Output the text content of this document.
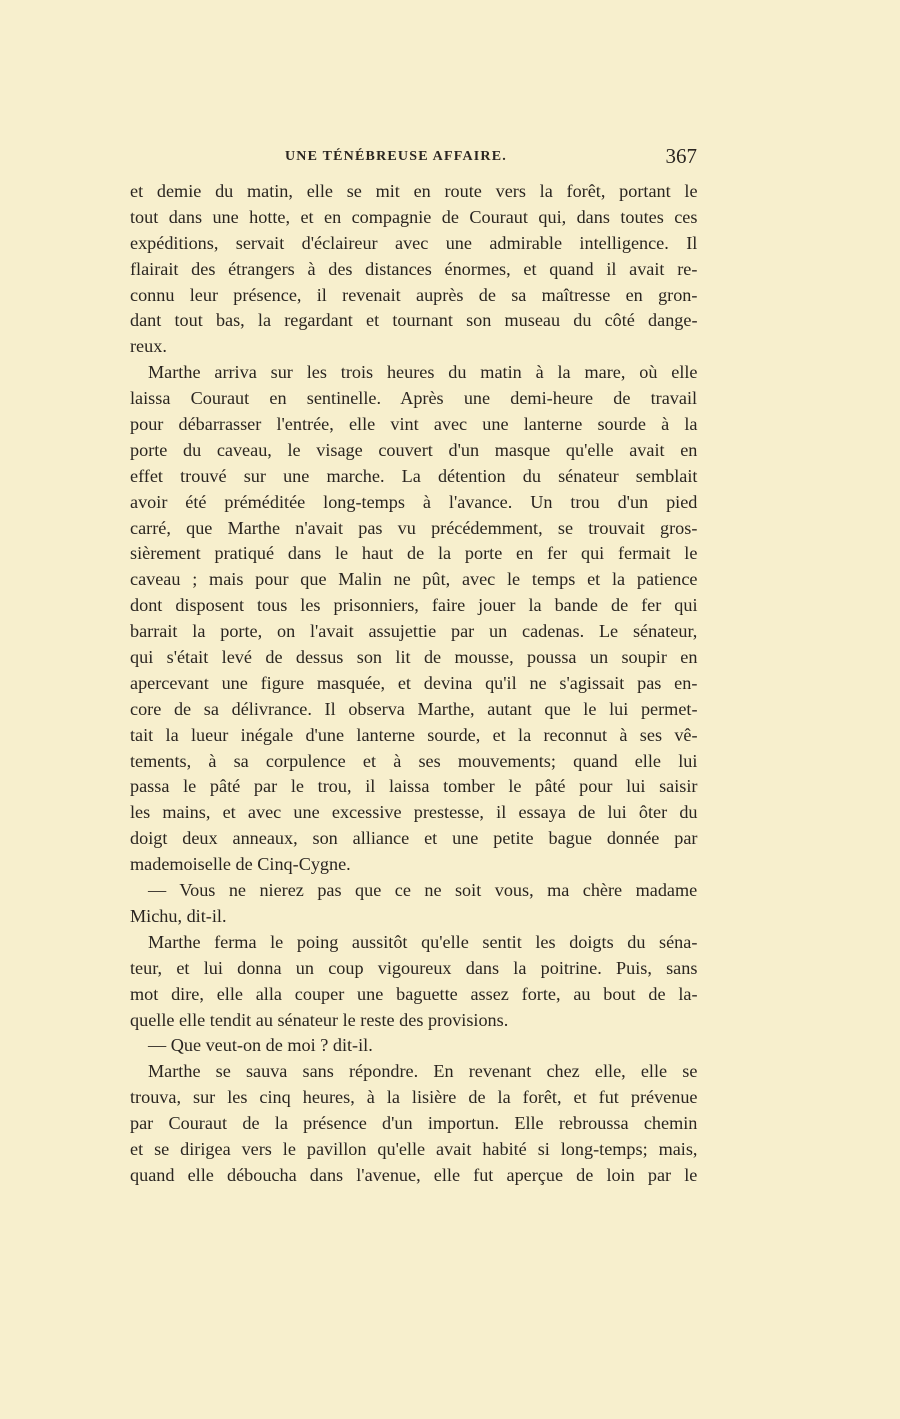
UNE TÉNÉBREUSE AFFAIRE.	367
et demie du matin, elle se mit en route vers la forêt, portant le
tout dans une hotte, et en compagnie de Couraut qui, dans toutes ces
expéditions, servait d'éclaireur avec une admirable intelligence. Il
flairait des étrangers à des distances énormes, et quand il avait re-
connu leur présence, il revenait auprès de sa maîtresse en gron-
dant tout bas, la regardant et tournant son museau du côté dange-
reux.
Marthe arriva sur les trois heures du matin à la mare, où elle
laissa Couraut en sentinelle. Après une demi-heure de travail
pour débarrasser l'entrée, elle vint avec une lanterne sourde à la
porte du caveau, le visage couvert d'un masque qu'elle avait en
effet trouvé sur une marche. La détention du sénateur semblait
avoir été préméditée long-temps à l'avance. Un trou d'un pied
carré, que Marthe n'avait pas vu précédemment, se trouvait gros-
sièrement pratiqué dans le haut de la porte en fer qui fermait le
caveau ; mais pour que Malin ne pût, avec le temps et la patience
dont disposent tous les prisonniers, faire jouer la bande de fer qui
barrait la porte, on l'avait assujettie par un cadenas. Le sénateur,
qui s'était levé de dessus son lit de mousse, poussa un soupir en
apercevant une figure masquée, et devina qu'il ne s'agissait pas en-
core de sa délivrance. Il observa Marthe, autant que le lui permet-
tait la lueur inégale d'une lanterne sourde, et la reconnut à ses vê-
tements, à sa corpulence et à ses mouvements; quand elle lui
passa le pâté par le trou, il laissa tomber le pâté pour lui saisir
les mains, et avec une excessive prestesse, il essaya de lui ôter du
doigt deux anneaux, son alliance et une petite bague donnée par
mademoiselle de Cinq-Cygne.
— Vous ne nierez pas que ce ne soit vous, ma chère madame
Michu, dit-il.
Marthe ferma le poing aussitôt qu'elle sentit les doigts du séna-
teur, et lui donna un coup vigoureux dans la poitrine. Puis, sans
mot dire, elle alla couper une baguette assez forte, au bout de la-
quelle elle tendit au sénateur le reste des provisions.
— Que veut-on de moi ? dit-il.
Marthe se sauva sans répondre. En revenant chez elle, elle se
trouva, sur les cinq heures, à la lisière de la forêt, et fut prévenue
par Couraut de la présence d'un importun. Elle rebroussa chemin
et se dirigea vers le pavillon qu'elle avait habité si long-temps; mais,
quand elle déboucha dans l'avenue, elle fut aperçue de loin par le
